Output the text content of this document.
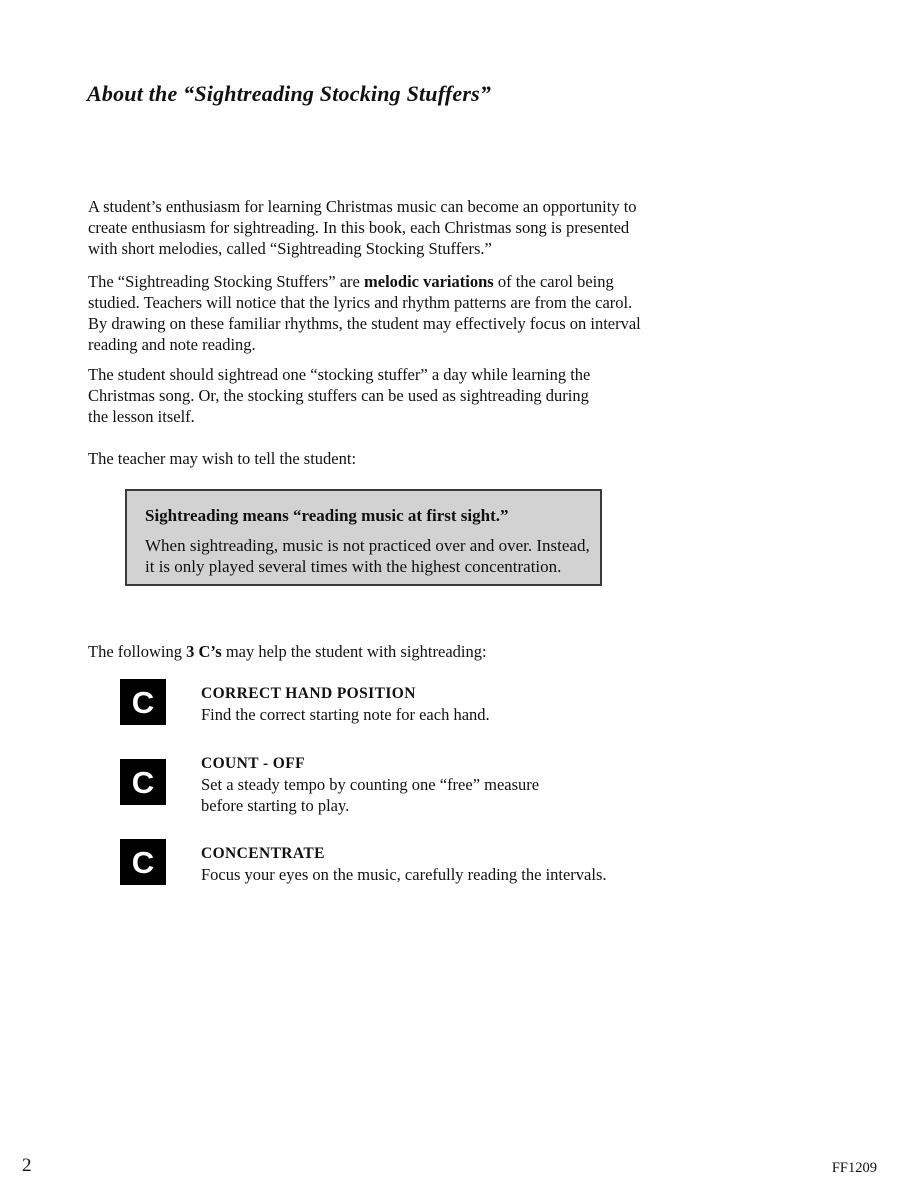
About the “Sightreading Stocking Stuffers”
A student’s enthusiasm for learning Christmas music can become an opportunity to
create enthusiasm for sightreading. In this book, each Christmas song is presented
with short melodies, called “Sightreading Stocking Stuffers.”
The “Sightreading Stocking Stuffers” are melodic variations of the carol being
studied. Teachers will notice that the lyrics and rhythm patterns are from the carol.
By drawing on these familiar rhythms, the student may effectively focus on interval
reading and note reading.
The student should sightread one “stocking stuffer” a day while learning the
Christmas song. Or, the stocking stuffers can be used as sightreading during
the lesson itself.
The teacher may wish to tell the student:
Sightreading means “reading music at first sight.”
When sightreading, music is not practiced over and over. Instead,
it is only played several times with the highest concentration.
The following 3 C’s may help the student with sightreading:
C	CORRECT HAND POSITION
Find the correct starting note for each hand.
C
COUNT - OFF
Set a steady tempo by counting one “free” measure
before starting to play.
C	CONCENTRATE
Focus your eyes on the music, carefully reading the intervals.
2	FF1209
